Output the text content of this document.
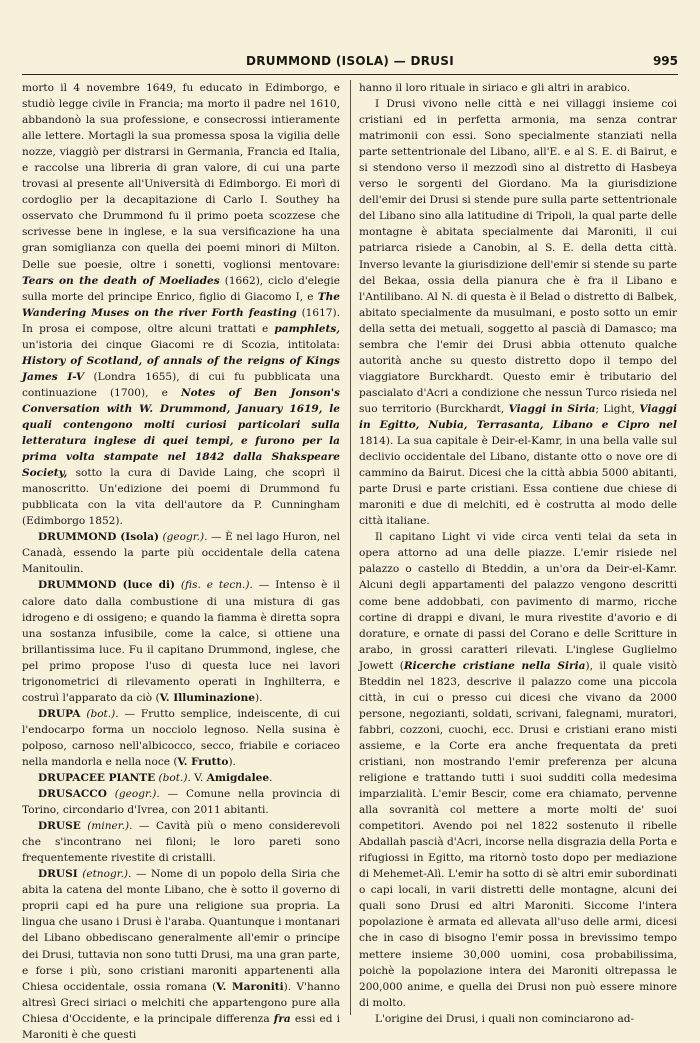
DRUMMOND (ISOLA) — DRUSI	995

morto il 4 novembre 1649, fu educato in Edimborgo, e studiò legge civile in Francia; ma morto il padre nel 1610, abbandonò la sua professione, e consecrossi intieramente alle lettere. Mortagli la sua promessa sposa la vigilia delle nozze, viaggiò per distrarsi in Germania, Francia ed Italia, e raccolse una libreria di gran valore, di cui una parte trovasi al presente all'Università di Edimborgo. Ei morì di cordoglio per la decapitazione di Carlo I. Southey ha osservato che Drummond fu il primo poeta scozzese che scrivesse bene in inglese, e la sua versificazione ha una gran somiglianza con quella dei poemi minori di Milton. Delle sue poesie, oltre i sonetti, voglionsi mentovare: Tears on the death of Moeliades (1662), ciclo d'elegie sulla morte del principe Enrico, figlio di Giacomo I, e The Wandering Muses on the river Forth feasting (1617). In prosa ei compose, oltre alcuni trattati e pamphlets, un'istoria dei cinque Giacomi re di Scozia, intitolata: History of Scotland, of annals of the reigns of Kings James I-V (Londra 1655), di cui fu pubblicata una continuazione (1700), e Notes of Ben Jonson's Conversation with W. Drummond, January 1619, le quali contengono molti curiosi particolari sulla letteratura inglese di quei tempi, e furono per la prima volta stampate nel 1842 dalla Shakspeare Society, sotto la cura di Davide Laing, che scoprì il manoscritto. Un'edizione dei poemi di Drummond fu pubblicata con la vita dell'autore da P. Cunningham (Edimborgo 1852).

DRUMMOND (Isola) (geogr.). — È nel lago Huron, nel Canadà, essendo la parte più occidentale della catena Manitoulin.

DRUMMOND (luce di) (fis. e tecn.). — Intenso è il calore dato dalla combustione di una mistura di gas idrogeno e di ossigeno; e quando la fiamma è diretta sopra una sostanza infusibile, come la calce, si ottiene una brillantissima luce. Fu il capitano Drummond, inglese, che pel primo propose l'uso di questa luce nei lavori trigonometrici di rilevamento operati in Inghilterra, e costruì l'apparato da ciò (V. Illuminazione).

DRUPA (bot.). — Frutto semplice, indeiscente, di cui l'endocarpo forma un nocciolo legnoso. Nella susina è polposo, carnoso nell'albicocco, secco, friabile e coriaceo nella mandorla e nella noce (V. Frutto).

DRUPACEE PIANTE (bot.). V. Amigdalee.

DRUSACCO (geogr.). — Comune nella provincia di Torino, circondario d'Ivrea, con 2011 abitanti.

DRUSE (miner.). — Cavità più o meno considerevoli che s'incontrano nei filoni; le loro pareti sono frequentemente rivestite di cristalli.

DRUSI (etnogr.). — Nome di un popolo della Siria che abita la catena del monte Libano, che è sotto il governo di proprii capi ed ha pure una religione sua propria. La lingua che usano i Drusi è l'araba. Quantunque i montanari del Libano obbediscano generalmente all'emir o principe dei Drusi, tuttavia non sono tutti Drusi, ma una gran parte, e forse i più, sono cristiani maroniti appartenenti alla Chiesa occidentale, ossia romana (V. Maroniti). V'hanno altresì Greci siriaci o melchiti che appartengono pure alla Chiesa d'Occidente, e la principale differenza fra essi ed i Maroniti è che questi

hanno il loro rituale in siriaco e gli altri in arabico.

I Drusi vivono nelle città e nei villaggi insieme coi cristiani ed in perfetta armonia, ma senza contrar matrimonii con essi. Sono specialmente stanziati nella parte settentrionale del Libano, all'E. e al S. E. di Bairut, e si stendono verso il mezzodì sino al distretto di Hasbeya verso le sorgenti del Giordano. Ma la giurisdizione dell'emir dei Drusi si stende pure sulla parte settentrionale del Libano sino alla latitudine di Tripoli, la qual parte delle montagne è abitata specialmente dai Maroniti, il cui patriarca risiede a Canobin, al S. E. della detta città. Inverso levante la giurisdizione dell'emir si stende su parte del Bekaa, ossia della pianura che è fra il Libano e l'Antilibano. Al N. di questa è il Belad o distretto di Balbek, abitato specialmente da musulmani, e posto sotto un emir della setta dei metuali, soggetto al pascià di Damasco; ma sembra che l'emir dei Drusi abbia ottenuto qualche autorità anche su questo distretto dopo il tempo del viaggiatore Burckhardt. Questo emir è tributario del pascialato d'Acri a condizione che nessun Turco risieda nel suo territorio (Burckhardt, Viaggi in Siria; Light, Viaggi in Egitto, Nubia, Terrasanta, Libano e Cipro nel 1814). La sua capitale è Deir-el-Kamr, in una bella valle sul declivio occidentale del Libano, distante otto o nove ore di cammino da Bairut. Dicesi che la città abbia 5000 abitanti, parte Drusi e parte cristiani. Essa contiene due chiese di maroniti e due di melchiti, ed è costrutta al modo delle città italiane.

Il capitano Light vi vide circa venti telai da seta in opera attorno ad una delle piazze. L'emir risiede nel palazzo o castello di Bteddin, a un'ora da Deir-el-Kamr. Alcuni degli appartamenti del palazzo vengono descritti come bene addobbati, con pavimento di marmo, ricche cortine di drappi e divani, le mura rivestite d'avorio e di dorature, e ornate di passi del Corano e delle Scritture in arabo, in grossi caratteri rilevati. L'inglese Guglielmo Jowett (Ricerche cristiane nella Siria), il quale visitò Bteddin nel 1823, descrive il palazzo come una piccola città, in cui o presso cui dicesi che vivano da 2000 persone, negozianti, soldati, scrivani, falegnami, muratori, fabbri, cozzoni, cuochi, ecc. Drusi e cristiani erano misti assieme, e la Corte era anche frequentata da preti cristiani, non mostrando l'emir preferenza per alcuna religione e trattando tutti i suoi sudditi colla medesima imparzialità. L'emir Bescir, come era chiamato, pervenne alla sovranità col mettere a morte molti de' suoi competitori. Avendo poi nel 1822 sostenuto il ribelle Abdallah pascià d'Acri, incorse nella disgrazia della Porta e rifugiossi in Egitto, ma ritornò tosto dopo per mediazione di Mehemet-Alì. L'emir ha sotto di sè altri emir subordinati o capi locali, in varii distretti delle montagne, alcuni dei quali sono Drusi ed altri Maroniti. Siccome l'intera popolazione è armata ed allevata all'uso delle armi, dicesi che in caso di bisogno l'emir possa in brevissimo tempo mettere insieme 30,000 uomini, cosa probabilissima, poichè la popolazione intera dei Maroniti oltrepassa le 200,000 anime, e quella dei Drusi non può essere minore di molto.

L'origine dei Drusi, i quali non cominciarono ad-
